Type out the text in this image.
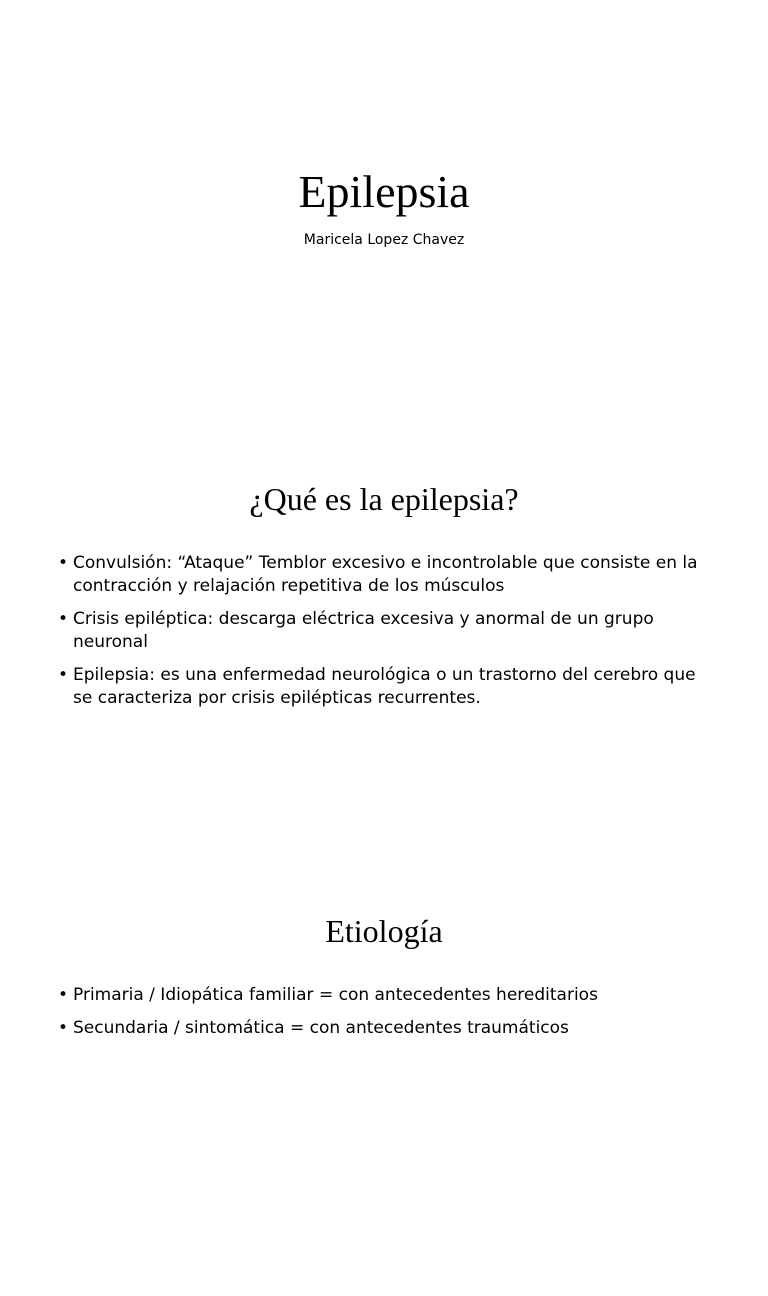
Epilepsia

Maricela Lopez Chavez

¿Qué es la epilepsia?
• Convulsión: “Ataque” Temblor excesivo e incontrolable que consiste en la contracción y relajación repetitiva de los músculos
• Crisis epiléptica: descarga eléctrica excesiva y anormal de un grupo neuronal
• Epilepsia: es una enfermedad neurológica o un trastorno del cerebro que se caracteriza por crisis epilépticas recurrentes.
Etiología
• Primaria / Idiopática familiar = con antecedentes hereditarios
• Secundaria / sintomática = con antecedentes traumáticos
